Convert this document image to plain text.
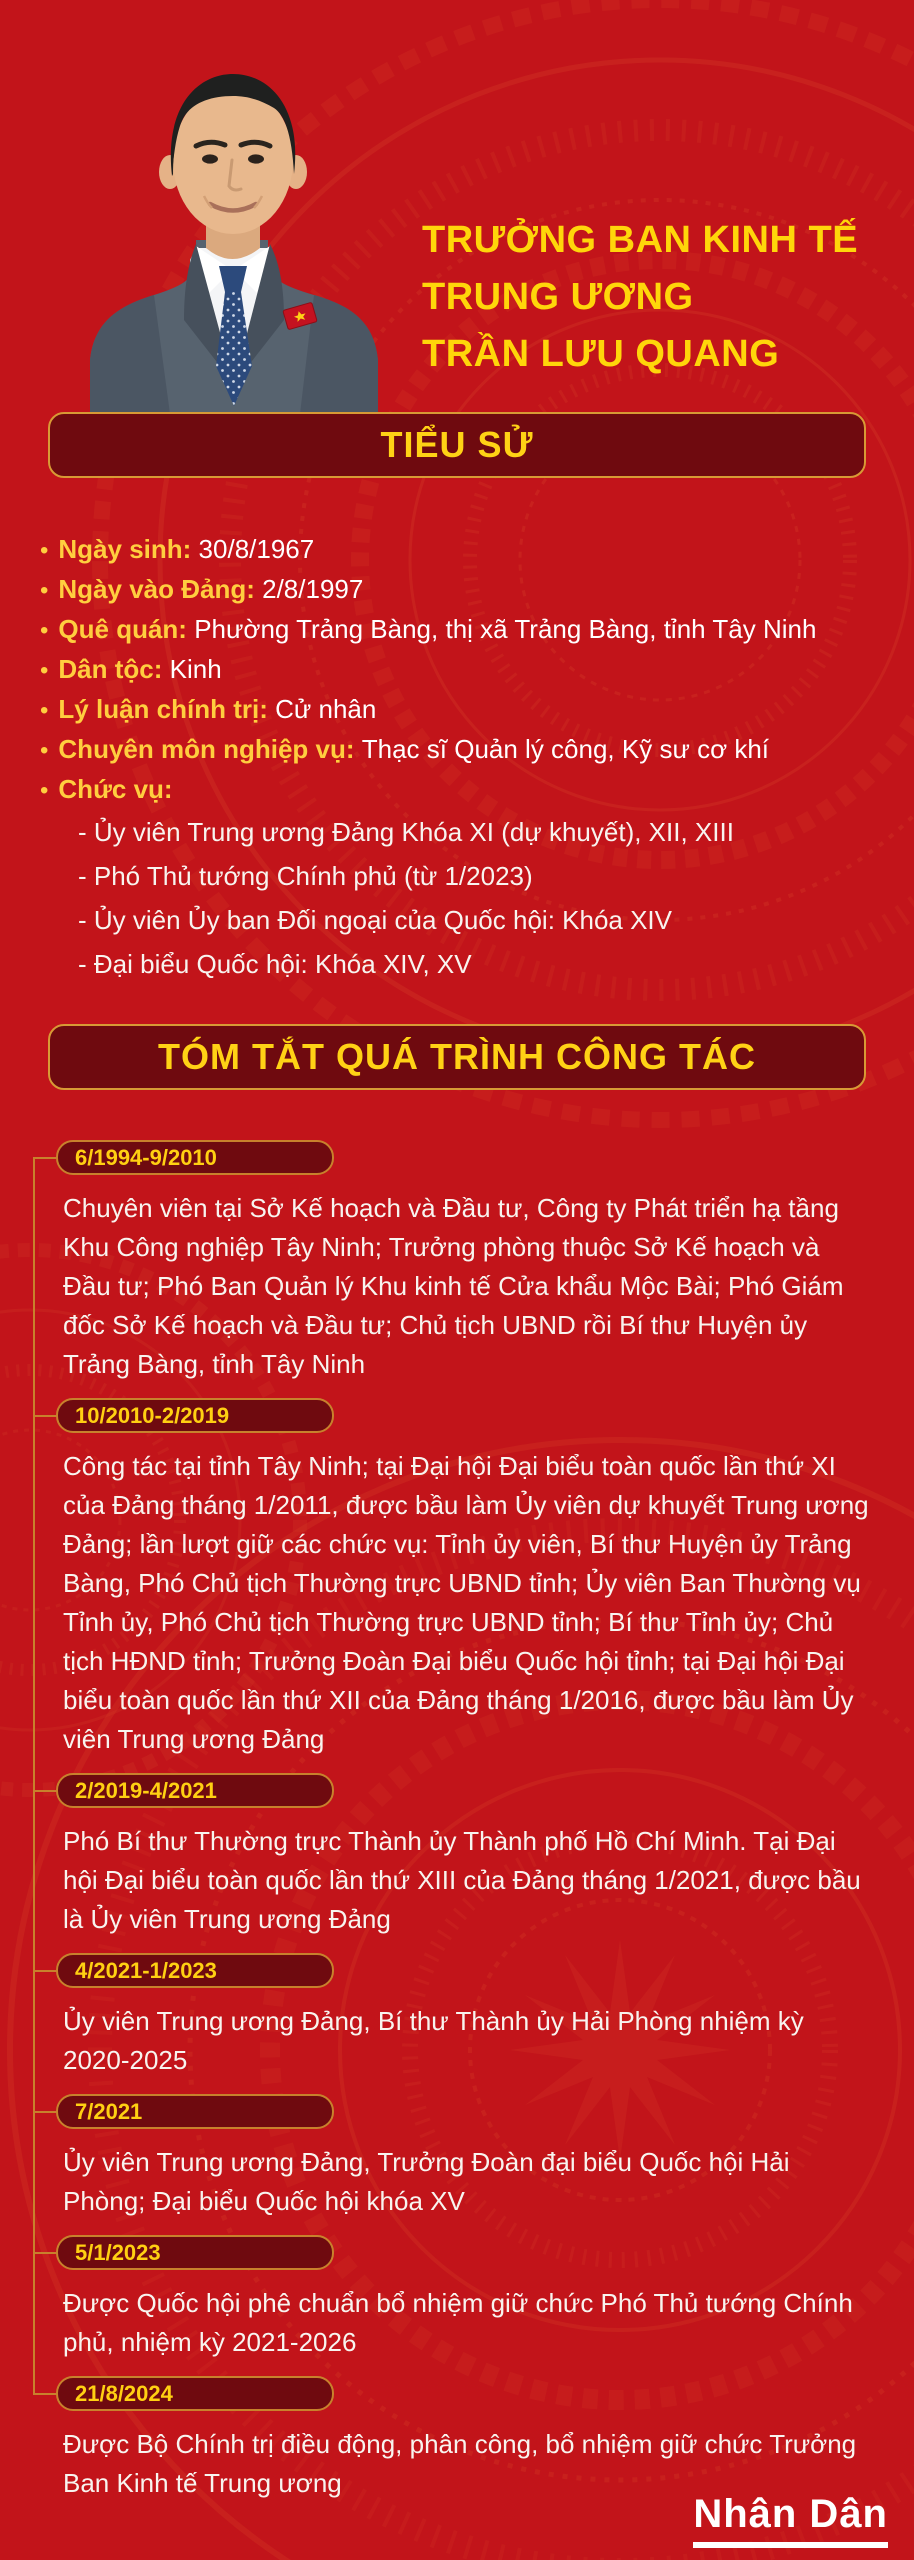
TRƯỞNG BAN KINH TẾ
TRUNG ƯƠNG
TRẦN LƯU QUANG
TIỂU SỬ
• Ngày sinh: 30/8/1967
• Ngày vào Đảng: 2/8/1997
• Quê quán: Phường Trảng Bàng, thị xã Trảng Bàng, tỉnh Tây Ninh
• Dân tộc: Kinh
• Lý luận chính trị: Cử nhân
• Chuyên môn nghiệp vụ: Thạc sĩ Quản lý công, Kỹ sư cơ khí
• Chức vụ:
- Ủy viên Trung ương Đảng Khóa XI (dự khuyết), XII, XIII
- Phó Thủ tướng Chính phủ (từ 1/2023)
- Ủy viên Ủy ban Đối ngoại của Quốc hội: Khóa XIV
- Đại biểu Quốc hội: Khóa XIV, XV
TÓM TẮT QUÁ TRÌNH CÔNG TÁC
6/1994-9/2010

Chuyên viên tại Sở Kế hoạch và Đầu tư, Công ty Phát triển hạ tầng Khu Công nghiệp Tây Ninh; Trưởng phòng thuộc Sở Kế hoạch và Đầu tư; Phó Ban Quản lý Khu kinh tế Cửa khẩu Mộc Bài; Phó Giám đốc Sở Kế hoạch và Đầu tư; Chủ tịch UBND rồi Bí thư Huyện ủy Trảng Bàng, tỉnh Tây Ninh

10/2010-2/2019

Công tác tại tỉnh Tây Ninh; tại Đại hội Đại biểu toàn quốc lần thứ XI của Đảng tháng 1/2011, được bầu làm Ủy viên dự khuyết Trung ương Đảng; lần lượt giữ các chức vụ: Tỉnh ủy viên, Bí thư Huyện ủy Trảng Bàng, Phó Chủ tịch Thường trực UBND tỉnh; Ủy viên Ban Thường vụ Tỉnh ủy, Phó Chủ tịch Thường trực UBND tỉnh; Bí thư Tỉnh ủy; Chủ tịch HĐND tỉnh; Trưởng Đoàn Đại biểu Quốc hội tỉnh; tại Đại hội Đại biểu toàn quốc lần thứ XII của Đảng tháng 1/2016, được bầu làm Ủy viên Trung ương Đảng

2/2019-4/2021

Phó Bí thư Thường trực Thành ủy Thành phố Hồ Chí Minh. Tại Đại hội Đại biểu toàn quốc lần thứ XIII của Đảng tháng 1/2021, được bầu là Ủy viên Trung ương Đảng

4/2021-1/2023

Ủy viên Trung ương Đảng, Bí thư Thành ủy Hải Phòng nhiệm kỳ 2020-2025

7/2021

Ủy viên Trung ương Đảng, Trưởng Đoàn đại biểu Quốc hội Hải Phòng; Đại biểu Quốc hội khóa XV

5/1/2023

Được Quốc hội phê chuẩn bổ nhiệm giữ chức Phó Thủ tướng Chính phủ, nhiệm kỳ 2021-2026

21/8/2024

Được Bộ Chính trị điều động, phân công, bổ nhiệm giữ chức Trưởng Ban Kinh tế Trung ương

Nhân Dân
